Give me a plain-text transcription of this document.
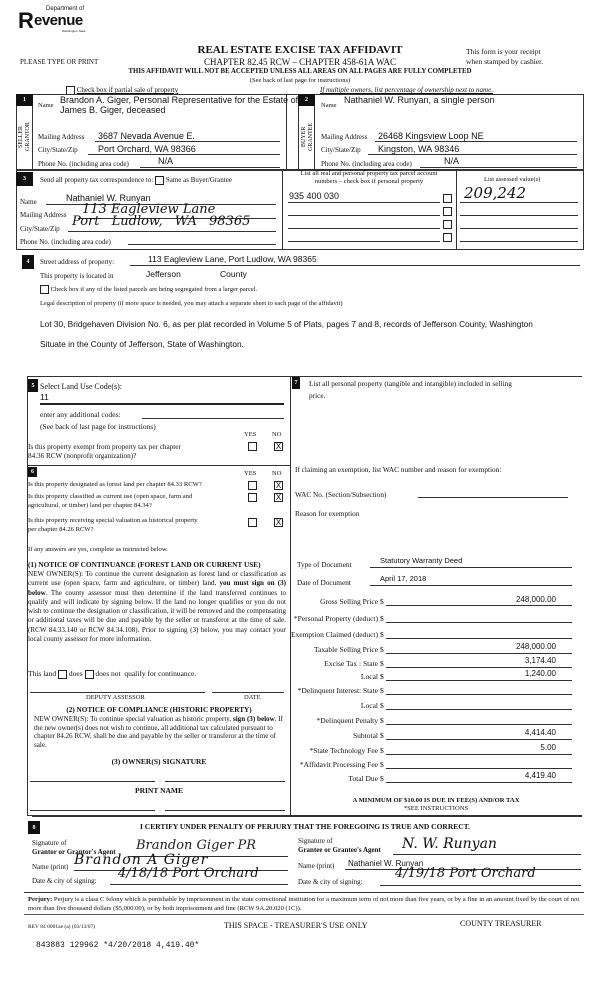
R Department of
evenue
Washington State
PLEASE TYPE OR PRINT
REAL ESTATE EXCISE TAX AFFIDAVIT
CHAPTER 82.45 RCW – CHAPTER 458-61A WAC
This form is your receipt
when stamped by cashier.
THIS AFFIDAVIT WILL NOT BE ACCEPTED UNLESS ALL AREAS ON ALL PAGES ARE FULLY COMPLETED
(See back of last page for instructions)
Check box if partial sale of property	If multiple owners, list percentage of ownership next to name.
1
SELLER GRANTOR
Name
Brandon A. Giger, Personal Representative for the Estate of
James B. Giger, deceased
Mailing Address 3687 Nevada Avenue E.
City/State/Zip Port Orchard, WA 98366
Phone No. (including area code)	N/A
2
BUYER GRANTEE
Name
Nathaniel W. Runyan, a single person
Mailing Address 26468 Kingsview Loop NE
City/State/Zip Kingston, WA 98346
Phone No. (including area code)	N/A
3	Send all property tax correspondence to: Same as Buyer/Grantee
Name	Nathaniel W. Runyan
Mailing Address 113 Eagleview Lane
City/State/Zip Port Ludlow, WA 98365
Phone No. (including area code)
List all real and personal property tax parcel account
numbers – check box if personal property
935 400 030
List assessed value(s)
209,242
4	Street address of property:	113 Eagleview Lane, Port Ludlow, WA 98365
This property is located in	Jefferson	County
Check box if any of the listed parcels are being segregated from a larger parcel.
Legal description of property (if more space is needed, you may attach a separate sheet to each page of the affidavit)
Lot 30, Bridgehaven Division No. 6, as per plat recorded in Volume 5 of Plats, pages 7 and 8, records of Jefferson County, Washington
Situate in the County of Jefferson, State of Washington.
5 Select Land Use Code(s):
11
enter any additional codes:
(See back of last page for instructions)
YES NO
Is this property exempt from property tax per chapter
84.36 RCW (nonprofit organization)?
X
6	YES NO
Is this property designated as forest land per chapter 84.33 RCW?	X
Is this property classified as current use (open space, farm and
agricultural, or timber) land per chapter 84.34?
X
Is this property receiving special valuation as historical property
per chapter 84.26 RCW?
X
If any answers are yes, complete as instructed below.
(1) NOTICE OF CONTINUANCE (FOREST LAND OR CURRENT USE)
NEW OWNER(S): To continue the current designation as forest land or classification as current use (open space, farm and agriculture, or timber) land, you must sign on (3) below. The county assessor must then determine if the land transferred continues to qualify and will indicate by signing below. If the land no longer qualifies or you do not wish to continue the designation or classification, it will be removed and the compensating or additional taxes will be due and payable by the seller or transferor at the time of sale. (RCW 84.33.140 or RCW 84.34.108). Prior to signing (3) below, you may contact your local county assessor for more information.
This land does does not qualify for continuance.
DEPUTY ASSESSOR	DATE
(2) NOTICE OF COMPLIANCE (HISTORIC PROPERTY)
NEW OWNER(S): To continue special valuation as historic property, sign (3) below. If the new owner(s) does not wish to continue, all additional tax calculated pursuant to chapter 84.26 RCW, shall be due and payable by the seller or transferor at the time of sale.
(3) OWNER(S) SIGNATURE
PRINT NAME
7	List all personal property (tangible and intangible) included in selling
price.
If claiming an exemption, list WAC number and reason for exemption:
WAC No. (Section/Subsection)
Reason for exemption
Type of Document	Statutory Warranty Deed
Date of Document	April 17, 2018
Gross Selling Price $	248,000.00
*Personal Property (deduct) $
Exemption Claimed (deduct) $
Taxable Selling Price $	248,000.00
Excise Tax : State $	3,174.40
Local $	1,240.00
*Delinquent Interest: State $
Local $
*Delinquent Penalty $
Subtotal $	4,414.40
*State Technology Fee $	5.00
*Affidavit Processing Fee $
Total Due $	4,419.40
A MINIMUM OF $10.00 IS DUE IN FEE(S) AND/OR TAX
*SEE INSTRUCTIONS
8	I CERTIFY UNDER PENALTY OF PERJURY THAT THE FOREGOING IS TRUE AND CORRECT.
Signature of
Grantor or Grantor's Agent Brandon Giger PR
Name (print) Brandon A Giger
Date & city of signing: 4/18/18 Port Orchard
Signature of
Grantee or Grantee's Agent N. W. Runyan
Name (print) Nathaniel W. Runyan
Date & city of signing:
4/19/18 Port Orchard
Perjury: Perjury is a class C felony which is punishable by imprisonment in the state correctional institution for a maximum term of not more than five years, or by a fine in an amount fixed by the court of not more than five thousand dollars ($5,000.00), or by both imprisonment and fine (RCW 9A.20.020 (1C)).
REV 84 0001ae (a) (03/13/07)	THIS SPACE - TREASURER'S USE ONLY	COUNTY TREASURER
843883 129962 *4/20/2018 4,419.40*
